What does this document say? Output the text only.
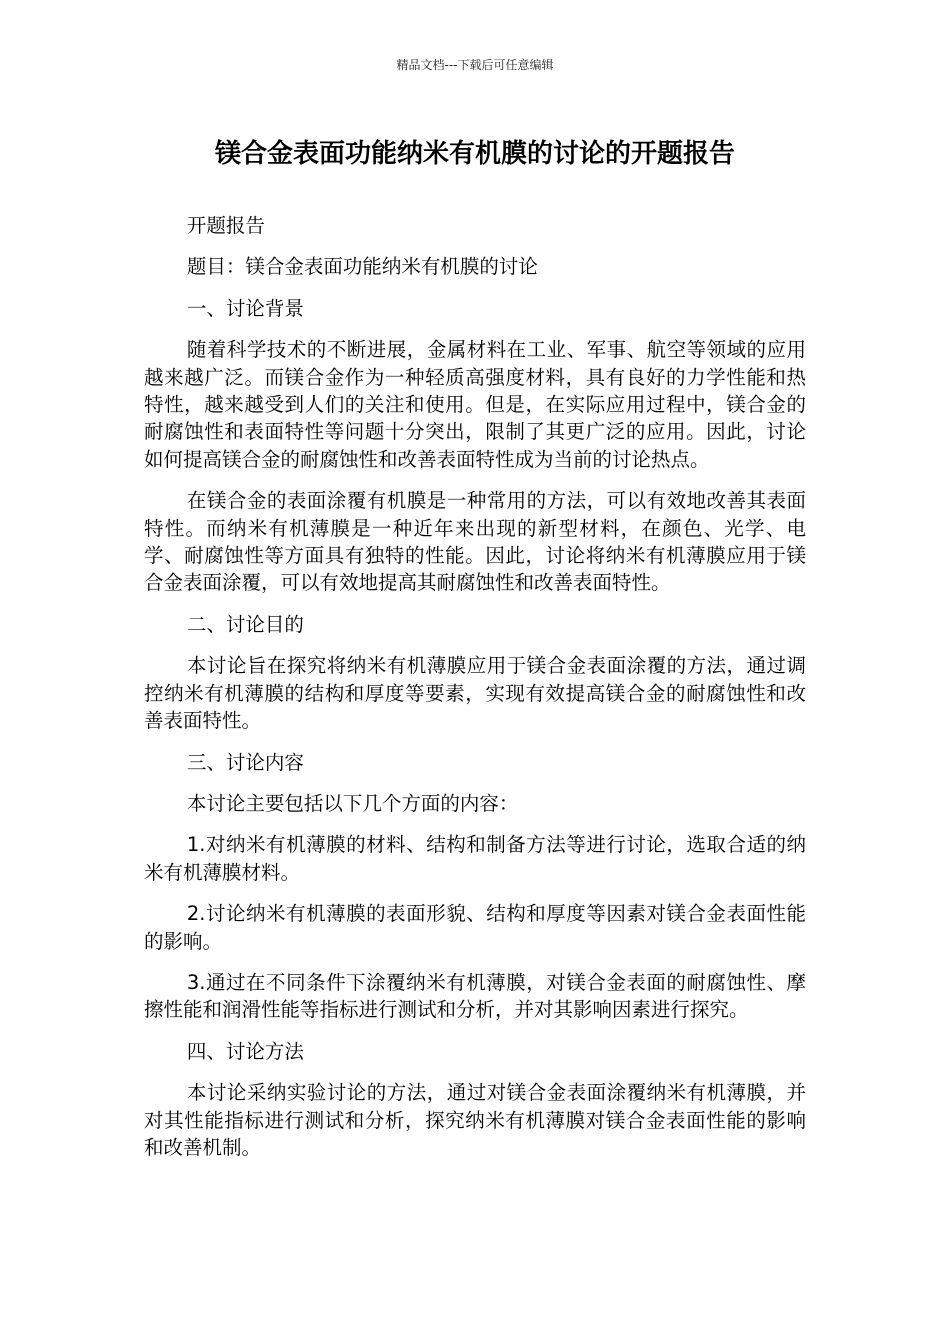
精品文档---下载后可任意编辑
镁合金表面功能纳米有机膜的讨论的开题报告

开题报告

题目：镁合金表面功能纳米有机膜的讨论

一、讨论背景

随着科学技术的不断进展，金属材料在工业、军事、航空等领域的应用越来越广泛。而镁合金作为一种轻质高强度材料，具有良好的力学性能和热特性，越来越受到人们的关注和使用。但是，在实际应用过程中，镁合金的耐腐蚀性和表面特性等问题十分突出，限制了其更广泛的应用。因此，讨论如何提高镁合金的耐腐蚀性和改善表面特性成为当前的讨论热点。

在镁合金的表面涂覆有机膜是一种常用的方法，可以有效地改善其表面特性。而纳米有机薄膜是一种近年来出现的新型材料，在颜色、光学、电学、耐腐蚀性等方面具有独特的性能。因此，讨论将纳米有机薄膜应用于镁合金表面涂覆，可以有效地提高其耐腐蚀性和改善表面特性。

二、讨论目的

本讨论旨在探究将纳米有机薄膜应用于镁合金表面涂覆的方法，通过调控纳米有机薄膜的结构和厚度等要素，实现有效提高镁合金的耐腐蚀性和改善表面特性。

三、讨论内容

本讨论主要包括以下几个方面的内容：

1.对纳米有机薄膜的材料、结构和制备方法等进行讨论，选取合适的纳米有机薄膜材料。

2.讨论纳米有机薄膜的表面形貌、结构和厚度等因素对镁合金表面性能的影响。

3.通过在不同条件下涂覆纳米有机薄膜，对镁合金表面的耐腐蚀性、摩擦性能和润滑性能等指标进行测试和分析，并对其影响因素进行探究。

四、讨论方法

本讨论采纳实验讨论的方法，通过对镁合金表面涂覆纳米有机薄膜，并对其性能指标进行测试和分析，探究纳米有机薄膜对镁合金表面性能的影响和改善机制。
